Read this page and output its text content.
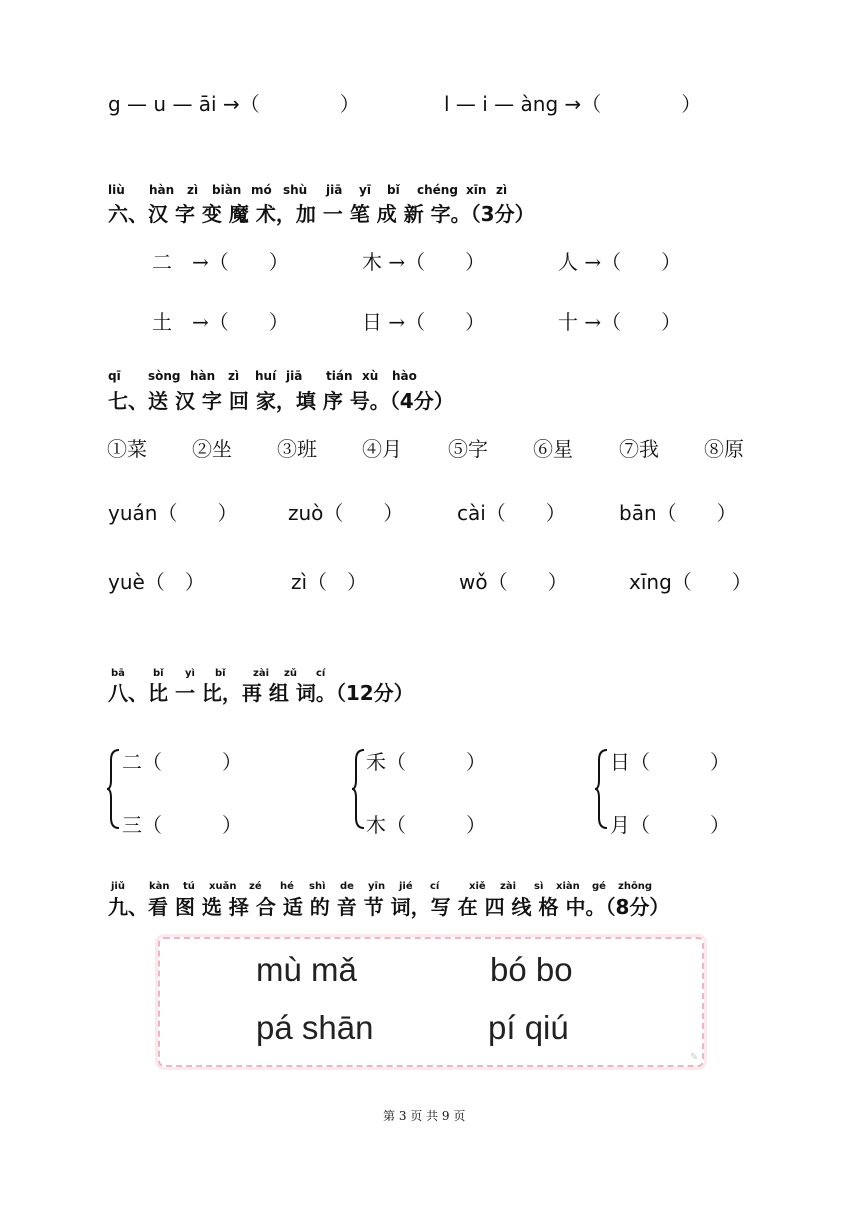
g — u — āi →（　　　　）	l — i — àng →（　　　　）
liù hàn zì biàn mó shù jiā yī bǐ chéng xīn zì
六、汉 字 变 魔 术，加 一 笔 成 新 字。（3分）
二　→（　　）	木 →（　　）	人 →（　　）
土　→（　　）	日 →（　　）	十 →（　　）
qī sòng hàn zì huí jiā tián xù hào
七、送 汉 字 回 家，填 序 号。（4分）
①菜 ②坐 ③班 ④月 ⑤字 ⑥星 ⑦我 ⑧原
yuán（　　）	zuò（　　）	cài（　　）	bān（　　）
yuè（　）	zì（　）	wǒ（　　）	xīng（　　）
bā	bǐ yì bǐ	zài zǔ cí
八、比 一 比，再 组 词。（12分）
二（　　　）
三（　　　）
禾（　　　）
木（　　　）
日（　　　）
月（　　　）
jiǔ kàn tú xuǎn zé hé shì de yīn jié cí	xiě zài sì xiàn gé zhōng
九、看 图 选 择 合 适 的 音 节 词，写 在 四 线 格 中。（8分）
mù mǎ	bó bo
pá shān	pí qiú
✎
第 3 页 共 9 页
